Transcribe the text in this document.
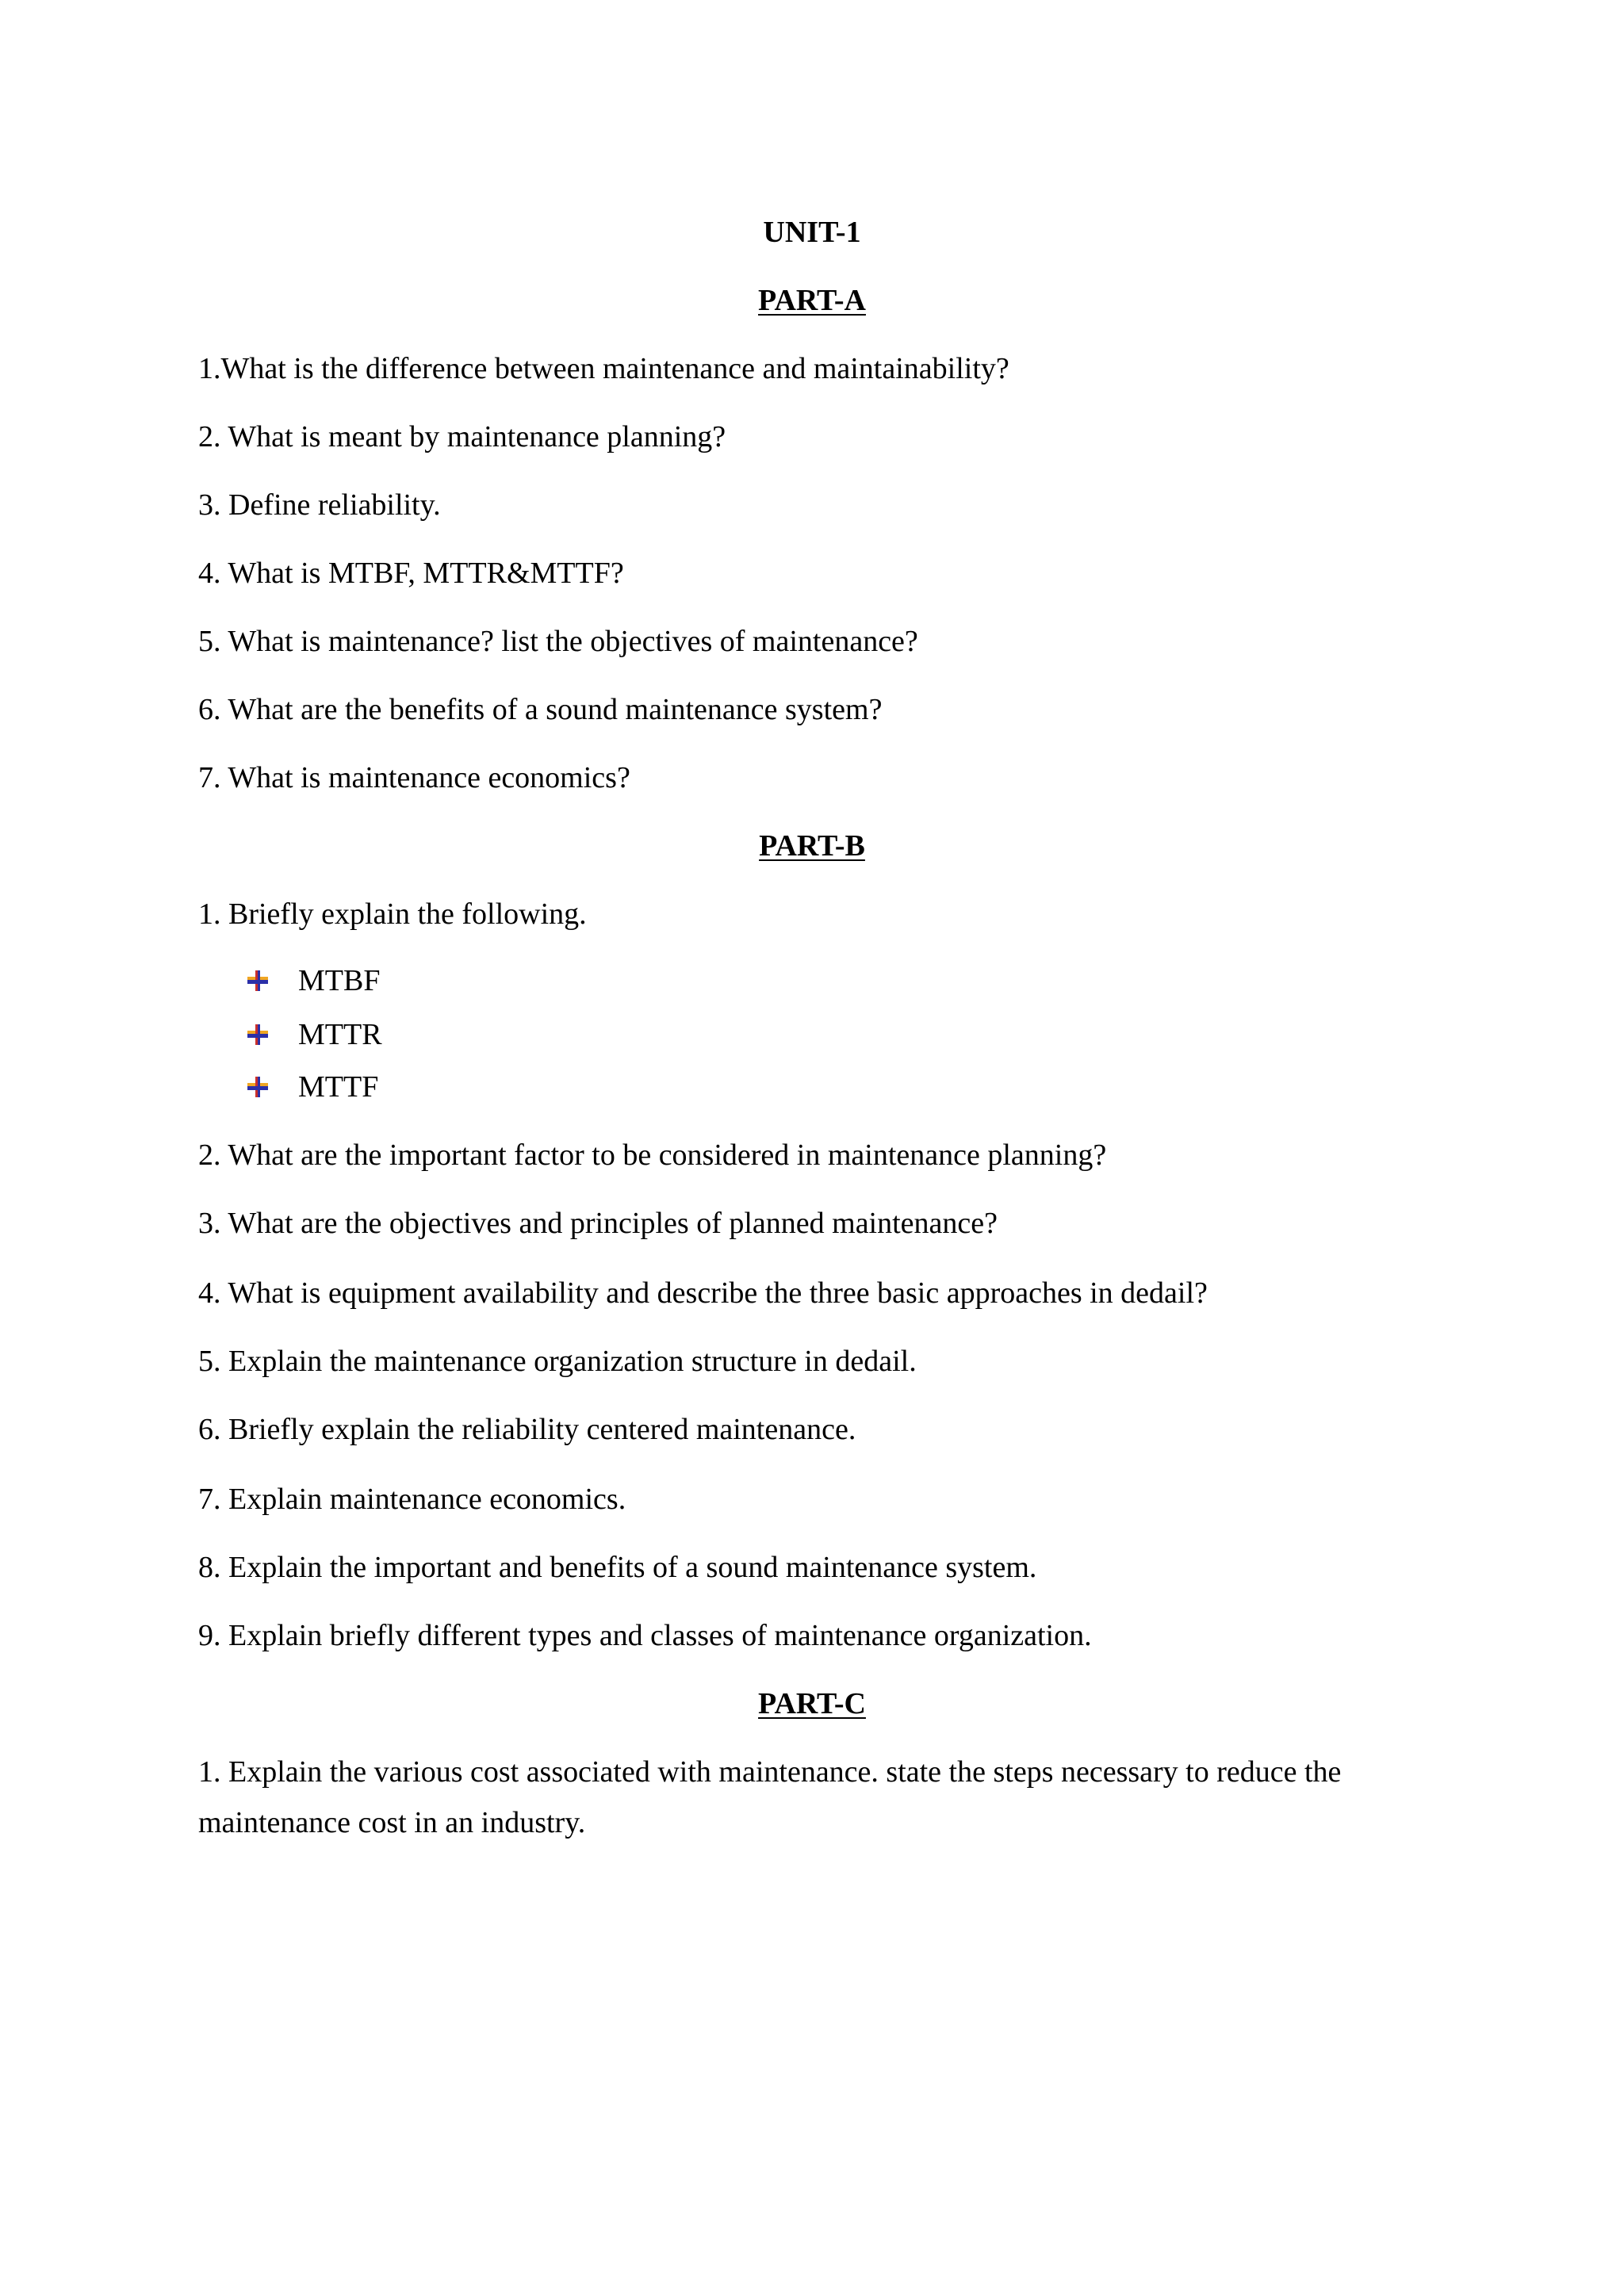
UNIT-1
PART-A

1.What is the difference between maintenance and maintainability?

2. What is meant by maintenance planning?

3. Define reliability.

4. What is MTBF, MTTR&MTTF?

5. What is maintenance? list the objectives of maintenance?

6. What are the benefits of a sound maintenance system?

7. What is maintenance economics?

PART-B

1. Briefly explain the following.

MTBF
MTTR
MTTF

2. What are the important factor to be considered in maintenance planning?

3. What are the objectives and principles of planned maintenance?

4. What is equipment availability and describe the three basic approaches in dedail?

5. Explain the maintenance organization structure in dedail.

6. Briefly explain the reliability centered maintenance.

7. Explain maintenance economics.

8. Explain the important and benefits of a sound maintenance system.

9. Explain briefly different types and classes of maintenance organization.

PART-C

1. Explain the various cost associated with maintenance. state the steps necessary to reduce the

maintenance cost in an industry.
